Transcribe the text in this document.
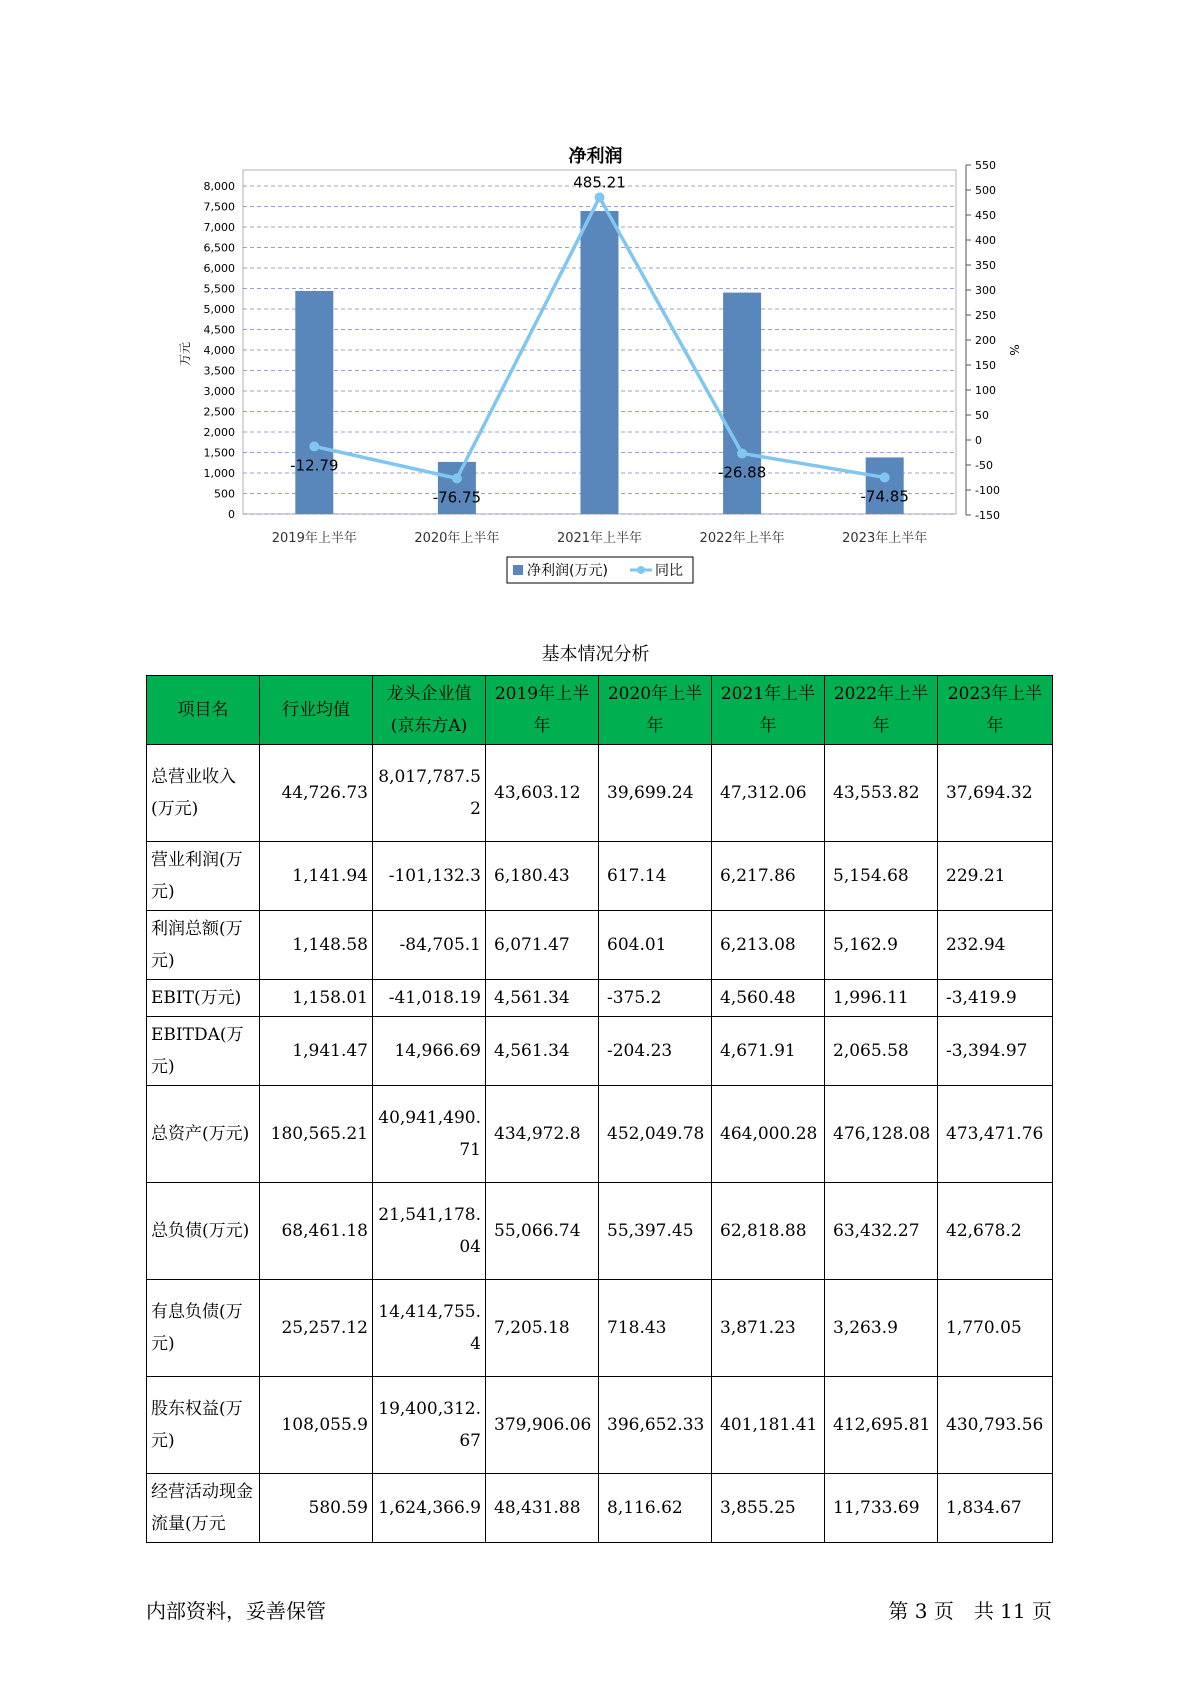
净利润
0
500
1,000
1,500
2,000
2,500
3,000
3,500
4,000
4,500
5,000
5,500
6,000
6,500
7,000
7,500
8,000
-150
-100
-50
0
50
100
150
200
250
300
350
400
450
500
550
万元	%
2019年上半年	2020年上半年	2021年上半年	2022年上半年	2023年上半年
-12.79
-76.75
485.21
-26.88
-74.85
净利润(万元)	同比
基本情况分析
项目名	行业均值	龙头企业值(京东方A)	2019年上半年	2020年上半年	2021年上半年	2022年上半年	2023年上半年
总营业收入(万元)	44,726.73	8,017,787.52	43,603.12	39,699.24	47,312.06	43,553.82	37,694.32
营业利润(万元)	1,141.94	-101,132.3	6,180.43	617.14	6,217.86	5,154.68	229.21
利润总额(万元)	1,148.58	-84,705.1	6,071.47	604.01	6,213.08	5,162.9	232.94
EBIT(万元)	1,158.01	-41,018.19	4,561.34	-375.2	4,560.48	1,996.11	-3,419.9
EBITDA(万元)	1,941.47	14,966.69	4,561.34	-204.23	4,671.91	2,065.58	-3,394.97
总资产(万元)	180,565.21	40,941,490.71	434,972.8	452,049.78	464,000.28	476,128.08	473,471.76
总负债(万元)	68,461.18	21,541,178.04	55,066.74	55,397.45	62,818.88	63,432.27	42,678.2
有息负债(万元)	25,257.12	14,414,755.4	7,205.18	718.43	3,871.23	3,263.9	1,770.05
股东权益(万元)	108,055.9	19,400,312.67	379,906.06	396,652.33	401,181.41	412,695.81	430,793.56
经营活动现金流量(万元	580.59	1,624,366.9	48,431.88	8,116.62	3,855.25	11,733.69	1,834.67
内部资料，妥善保管	第 3 页　共 11 页
